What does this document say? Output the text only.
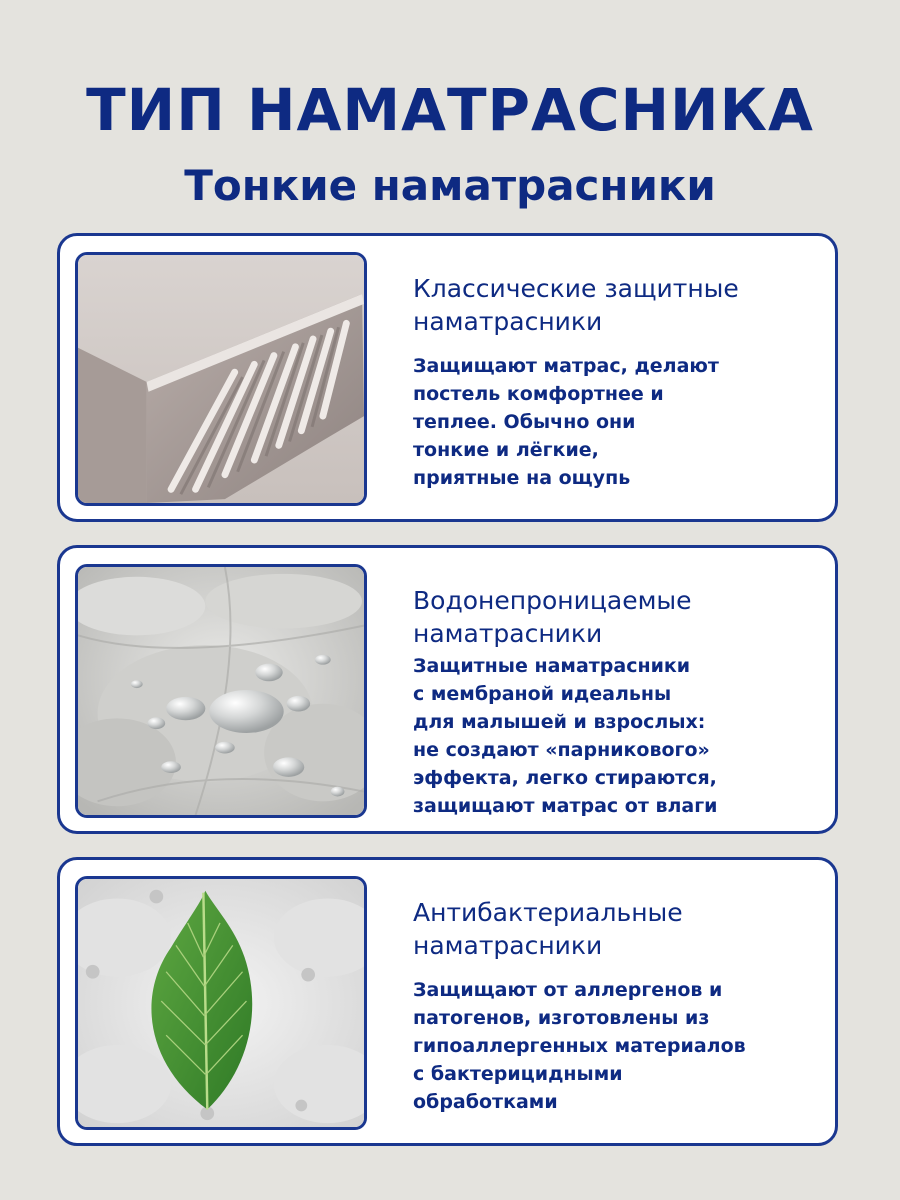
ТИП НАМАТРАСНИКА
Тонкие наматрасники
Классические защитные
наматрасники
Защищают матрас, делают
постель комфортнее и
теплее. Обычно они
тонкие и лёгкие,
приятные на ощупь
Водонепроницаемые
наматрасники
Защитные наматрасники
с мембраной идеальны
для малышей и взрослых:
не создают «парникового»
эффекта, легко стираются,
защищают матрас от влаги
Антибактериальные
наматрасники
Защищают от аллергенов и
патогенов, изготовлены из
гипоаллергенных материалов
с бактерицидными
обработками
